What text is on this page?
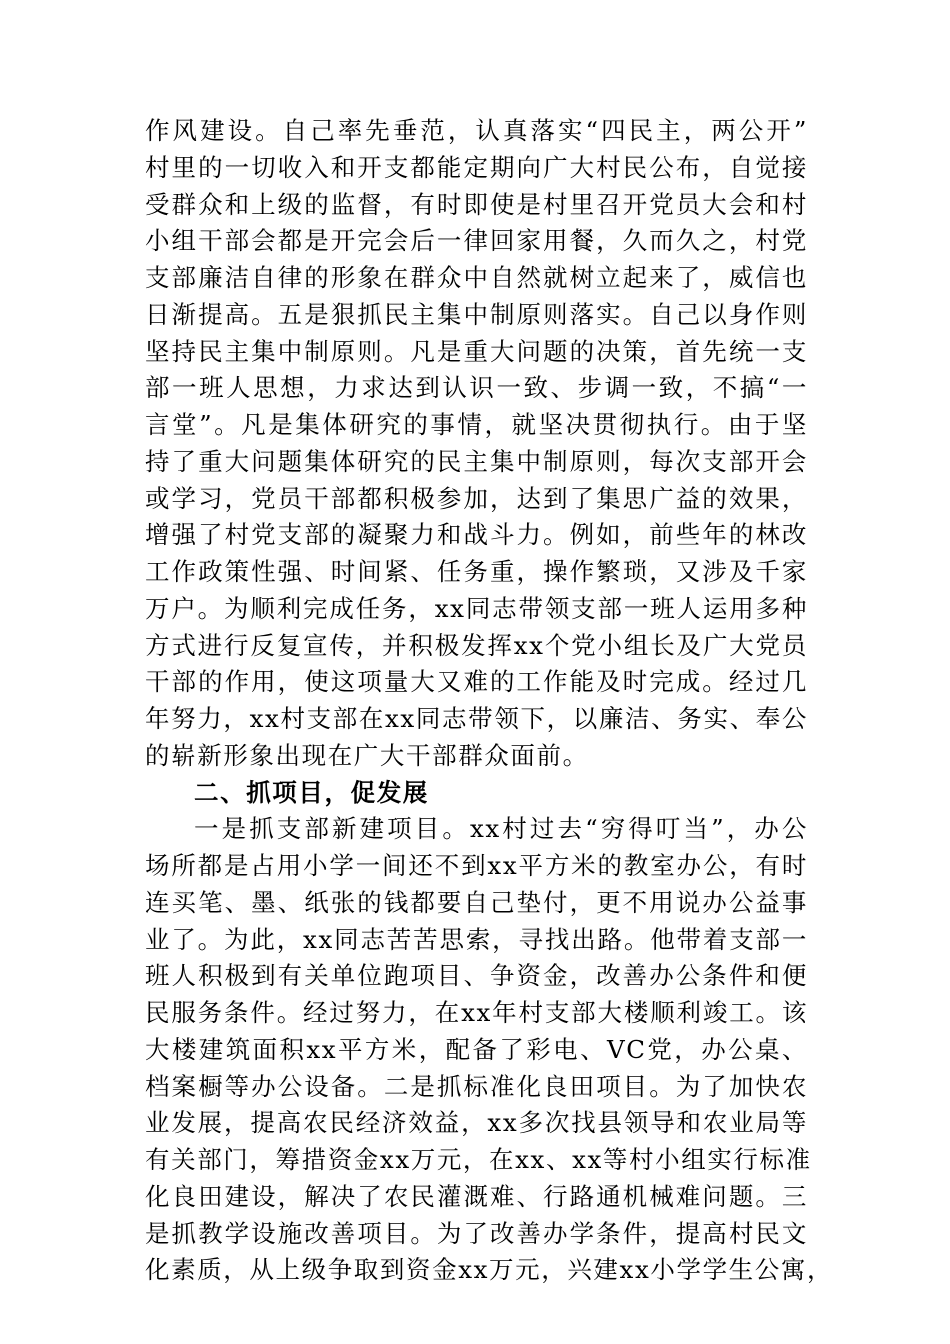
作风建设。自己率先垂范，认真落实“四民主，两公开”
村里的一切收入和开支都能定期向广大村民公布，自觉接
受群众和上级的监督，有时即使是村里召开党员大会和村
小组干部会都是开完会后一律回家用餐，久而久之，村党
支部廉洁自律的形象在群众中自然就树立起来了，威信也
日渐提高。五是狠抓民主集中制原则落实。自己以身作则
坚持民主集中制原则。凡是重大问题的决策，首先统一支
部一班人思想，力求达到认识一致、步调一致，不搞“一
言堂”。凡是集体研究的事情，就坚决贯彻执行。由于坚
持了重大问题集体研究的民主集中制原则，每次支部开会
或学习，党员干部都积极参加，达到了集思广益的效果，
增强了村党支部的凝聚力和战斗力。例如，前些年的林改
工作政策性强、时间紧、任务重，操作繁琐，又涉及千家
万户。为顺利完成任务，xx同志带领支部一班人运用多种
方式进行反复宣传，并积极发挥xx个党小组长及广大党员
干部的作用，使这项量大又难的工作能及时完成。经过几
年努力，xx村支部在xx同志带领下，以廉洁、务实、奉公
的崭新形象出现在广大干部群众面前。
二、抓项目，促发展
一是抓支部新建项目。xx村过去“穷得叮当”，办公
场所都是占用小学一间还不到xx平方米的教室办公，有时
连买笔、墨、纸张的钱都要自己垫付，更不用说办公益事
业了。为此，xx同志苦苦思索，寻找出路。他带着支部一
班人积极到有关单位跑项目、争资金，改善办公条件和便
民服务条件。经过努力，在xx年村支部大楼顺利竣工。该
大楼建筑面积xx平方米，配备了彩电、VC党，办公桌、
档案橱等办公设备。二是抓标准化良田项目。为了加快农
业发展，提高农民经济效益，xx多次找县领导和农业局等
有关部门，筹措资金xx万元，在xx、xx等村小组实行标准
化良田建设，解决了农民灌溉难、行路通机械难问题。三
是抓教学设施改善项目。为了改善办学条件，提高村民文
化素质，从上级争取到资金xx万元，兴建xx小学学生公寓，
